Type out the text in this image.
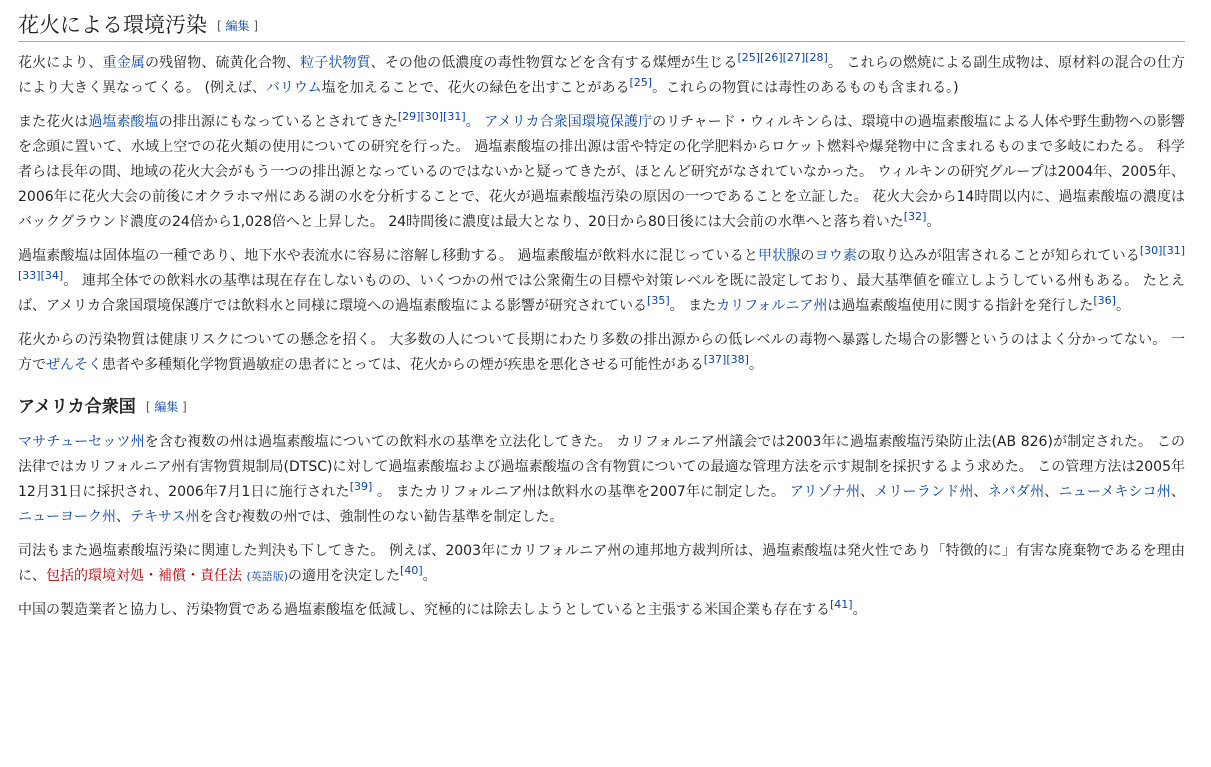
花火による環境汚染 [ 編集 ]

花火により、重金属の残留物、硫黄化合物、粒子状物質、その他の低濃度の毒性物質などを含有する煤煙が生じる[25][26][27][28]。 これらの燃焼による副生成物は、原材料の混合の仕方により大きく異なってくる。 (例えば、バリウム塩を加えることで、花火の緑色を出すことがある[25]。これらの物質には毒性のあるものも含まれる。)

また花火は過塩素酸塩の排出源にもなっているとされてきた[29][30][31]。 アメリカ合衆国環境保護庁のリチャード・ウィルキンらは、環境中の過塩素酸塩による人体や野生動物への影響を念頭に置いて、水域上空での花火類の使用についての研究を行った。 過塩素酸塩の排出源は雷や特定の化学肥料からロケット燃料や爆発物中に含まれるものまで多岐にわたる。 科学者らは長年の間、地域の花火大会がもう一つの排出源となっているのではないかと疑ってきたが、ほとんど研究がなされていなかった。 ウィルキンの研究グループは2004年、2005年、2006年に花火大会の前後にオクラホマ州にある湖の水を分析することで、花火が過塩素酸塩汚染の原因の一つであることを立証した。 花火大会から14時間以内に、過塩素酸塩の濃度はバックグラウンド濃度の24倍から1,028倍へと上昇した。 24時間後に濃度は最大となり、20日から80日後には大会前の水準へと落ち着いた[32]。

過塩素酸塩は固体塩の一種であり、地下水や表流水に容易に溶解し移動する。 過塩素酸塩が飲料水に混じっていると甲状腺のヨウ素の取り込みが阻害されることが知られている[30][31][33][34]。 連邦全体での飲料水の基準は現在存在しないものの、いくつかの州では公衆衛生の目標や対策レベルを既に設定しており、最大基準値を確立しようしている州もある。 たとえば、アメリカ合衆国環境保護庁では飲料水と同様に環境への過塩素酸塩による影響が研究されている[35]。 またカリフォルニア州は過塩素酸塩使用に関する指針を発行した[36]。

花火からの汚染物質は健康リスクについての懸念を招く。 大多数の人について長期にわたり多数の排出源からの低レベルの毒物へ暴露した場合の影響というのはよく分かってない。 一方でぜんそく患者や多種類化学物質過敏症の患者にとっては、花火からの煙が疾患を悪化させる可能性がある[37][38]。

アメリカ合衆国 [ 編集 ]

マサチューセッツ州を含む複数の州は過塩素酸塩についての飲料水の基準を立法化してきた。 カリフォルニア州議会では2003年に過塩素酸塩汚染防止法(AB 826)が制定された。 この法律ではカリフォルニア州有害物質規制局(DTSC)に対して過塩素酸塩および過塩素酸塩の含有物質についての最適な管理方法を示す規制を採択するよう求めた。 この管理方法は2005年12月31日に採択され、2006年7月1日に施行された[39] 。 またカリフォルニア州は飲料水の基準を2007年に制定した。 アリゾナ州、メリーランド州、ネバダ州、ニューメキシコ州、ニューヨーク州、テキサス州を含む複数の州では、強制性のない勧告基準を制定した。

司法もまた過塩素酸塩汚染に関連した判決も下してきた。 例えば、2003年にカリフォルニア州の連邦地方裁判所は、過塩素酸塩は発火性であり「特徴的に」有害な廃棄物であるを理由に、包括的環境対処・補償・責任法 (英語版)の適用を決定した[40]。

中国の製造業者と協力し、汚染物質である過塩素酸塩を低減し、究極的には除去しようとしていると主張する米国企業も存在する[41]。
